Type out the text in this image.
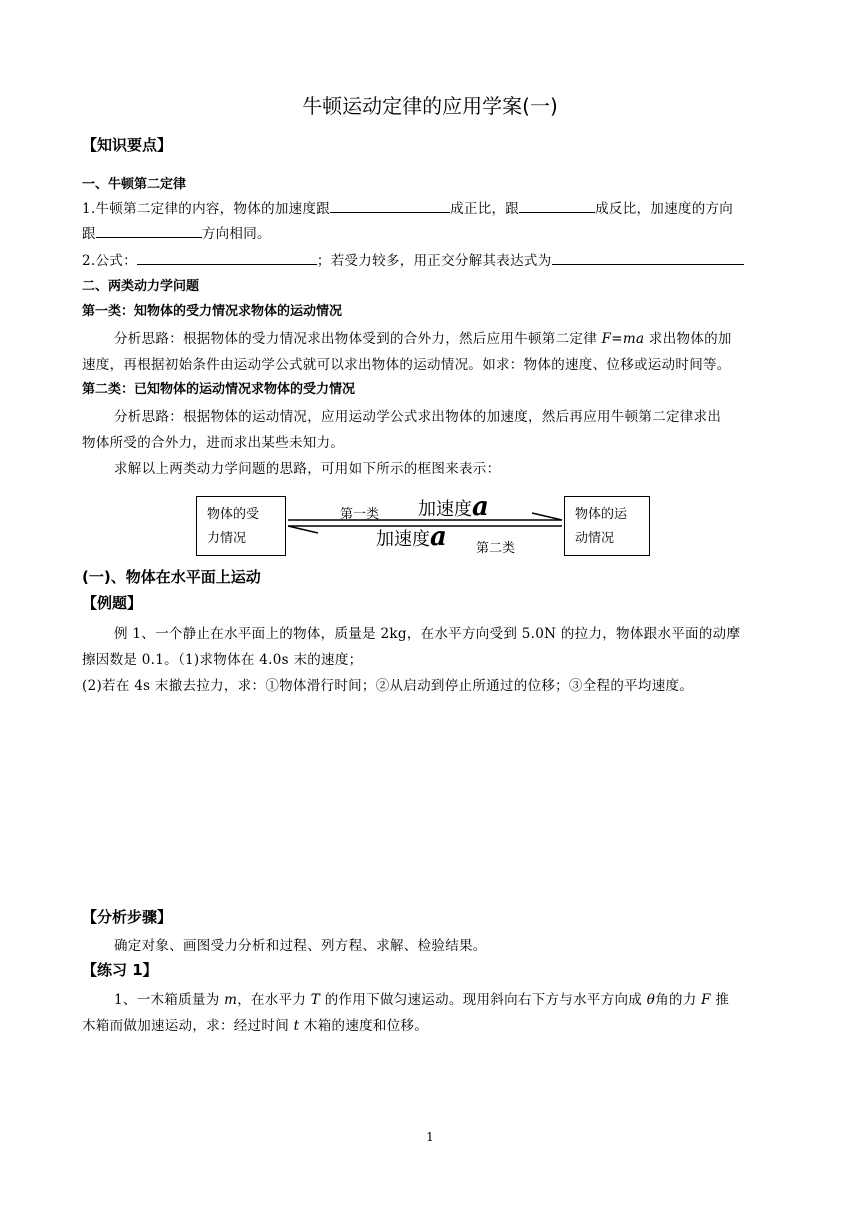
牛顿运动定律的应用学案(一)
【知识要点】
一、牛顿第二定律
1.牛顿第二定律的内容，物体的加速度跟	成正比，跟	成反比，加速度的方向
跟	方向相同。
2.公式：	；若受力较多，用正交分解其表达式为
二、两类动力学问题
第一类：知物体的受力情况求物体的运动情况
分析思路：根据物体的受力情况求出物体受到的合外力，然后应用牛顿第二定律 F=ma 求出物体的加
速度，再根据初始条件由运动学公式就可以求出物体的运动情况。如求：物体的速度、位移或运动时间等。
第二类：已知物体的运动情况求物体的受力情况
分析思路：根据物体的运动情况，应用运动学公式求出物体的加速度，然后再应用牛顿第二定律求出
物体所受的合外力，进而求出某些未知力。
求解以上两类动力学问题的思路，可用如下所示的框图来表示：
物体的受
力情况
物体的运
动情况
第一类 加速度a
加速度a 第二类
(一)、物体在水平面上运动
【例题】
例 1、一个静止在水平面上的物体，质量是 2kg，在水平方向受到 5.0N 的拉力，物体跟水平面的动摩
擦因数是 0.1。（1)求物体在 4.0s 末的速度；
(2)若在 4s 末撤去拉力，求：①物体滑行时间；②从启动到停止所通过的位移；③全程的平均速度。
【分析步骤】
确定对象、画图受力分析和过程、列方程、求解、检验结果。
【练习 1】
1、一木箱质量为 m，在水平力 T 的作用下做匀速运动。现用斜向右下方与水平方向成 θ角的力 F 推
木箱而做加速运动，求：经过时间 t 木箱的速度和位移。
1
